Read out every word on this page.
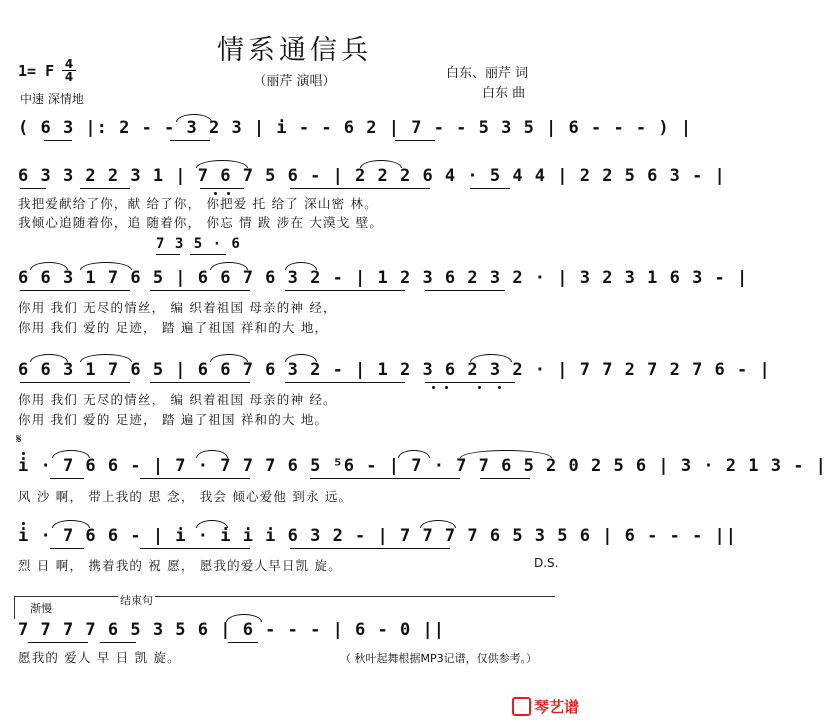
情系通信兵
（丽芹 演唱）
1= F 4
4
中速 深情地
白东、丽芹 词
白东 曲
( 6 3 |: 2 - - 3 2 3 | i - - 6 2 | 7 - - 5 3 5 | 6 - - - ) |
6 3 3 2 2 3 1 | 7 6 7 5 6 - | 2 2 2 6 4 · 5 4 4 | 2 2 5 6 3 - |
我把爱献给了你，献 给了你， 你把爱 托 给了 深山密 林。
我倾心追随着你，追 随着你， 你忘 情 跋 涉在 大漠戈 壁。
7 3 5 · 6
6 6 3 1 7 6 5 | 6 6 7 6 3 2 - | 1 2 3 6 2 3 2 · | 3 2 3 1 6 3 - |
你用 我们 无尽的情丝， 编 织着祖国 母亲的神 经，
你用 我们 爱的 足迹， 踏 遍了祖国 祥和的大 地，
6 6 3 1 7 6 5 | 6 6 7 6 3 2 - | 1 2 3 6 2 3 2 · | 7 7 2 7 2 7 6 - |
你用 我们 无尽的情丝， 编 织着祖国 母亲的神 经。
你用 我们 爱的 足迹， 踏 遍了祖国 祥和的大 地。
𝄋
i · 7 6 6 - | 7 · 7 7 7 6 5 ⁵6 - | 7 · 7 7 6 5 2 0 2 5 6 | 3 · 2 1 3 - |
风 沙 啊， 带上我的 思 念， 我会 倾心爱他 到永 远。
i · 7 6 6 - | i · i i i 6 3 2 - | 7 7 7 7 6 5 3 5 6 | 6 - - - ||
烈 日 啊， 携着我的 祝 愿， 愿我的爱人早日凯 旋。	D.S.
渐慢
结束句
7 7 7 7 6 5 3 5 6 | 6 - - - | 6 - 0 ||
愿我的 爱人 早 日 凯 旋。	（ 秋叶起舞根据MP3记谱，仅供参考。）
琴艺谱
